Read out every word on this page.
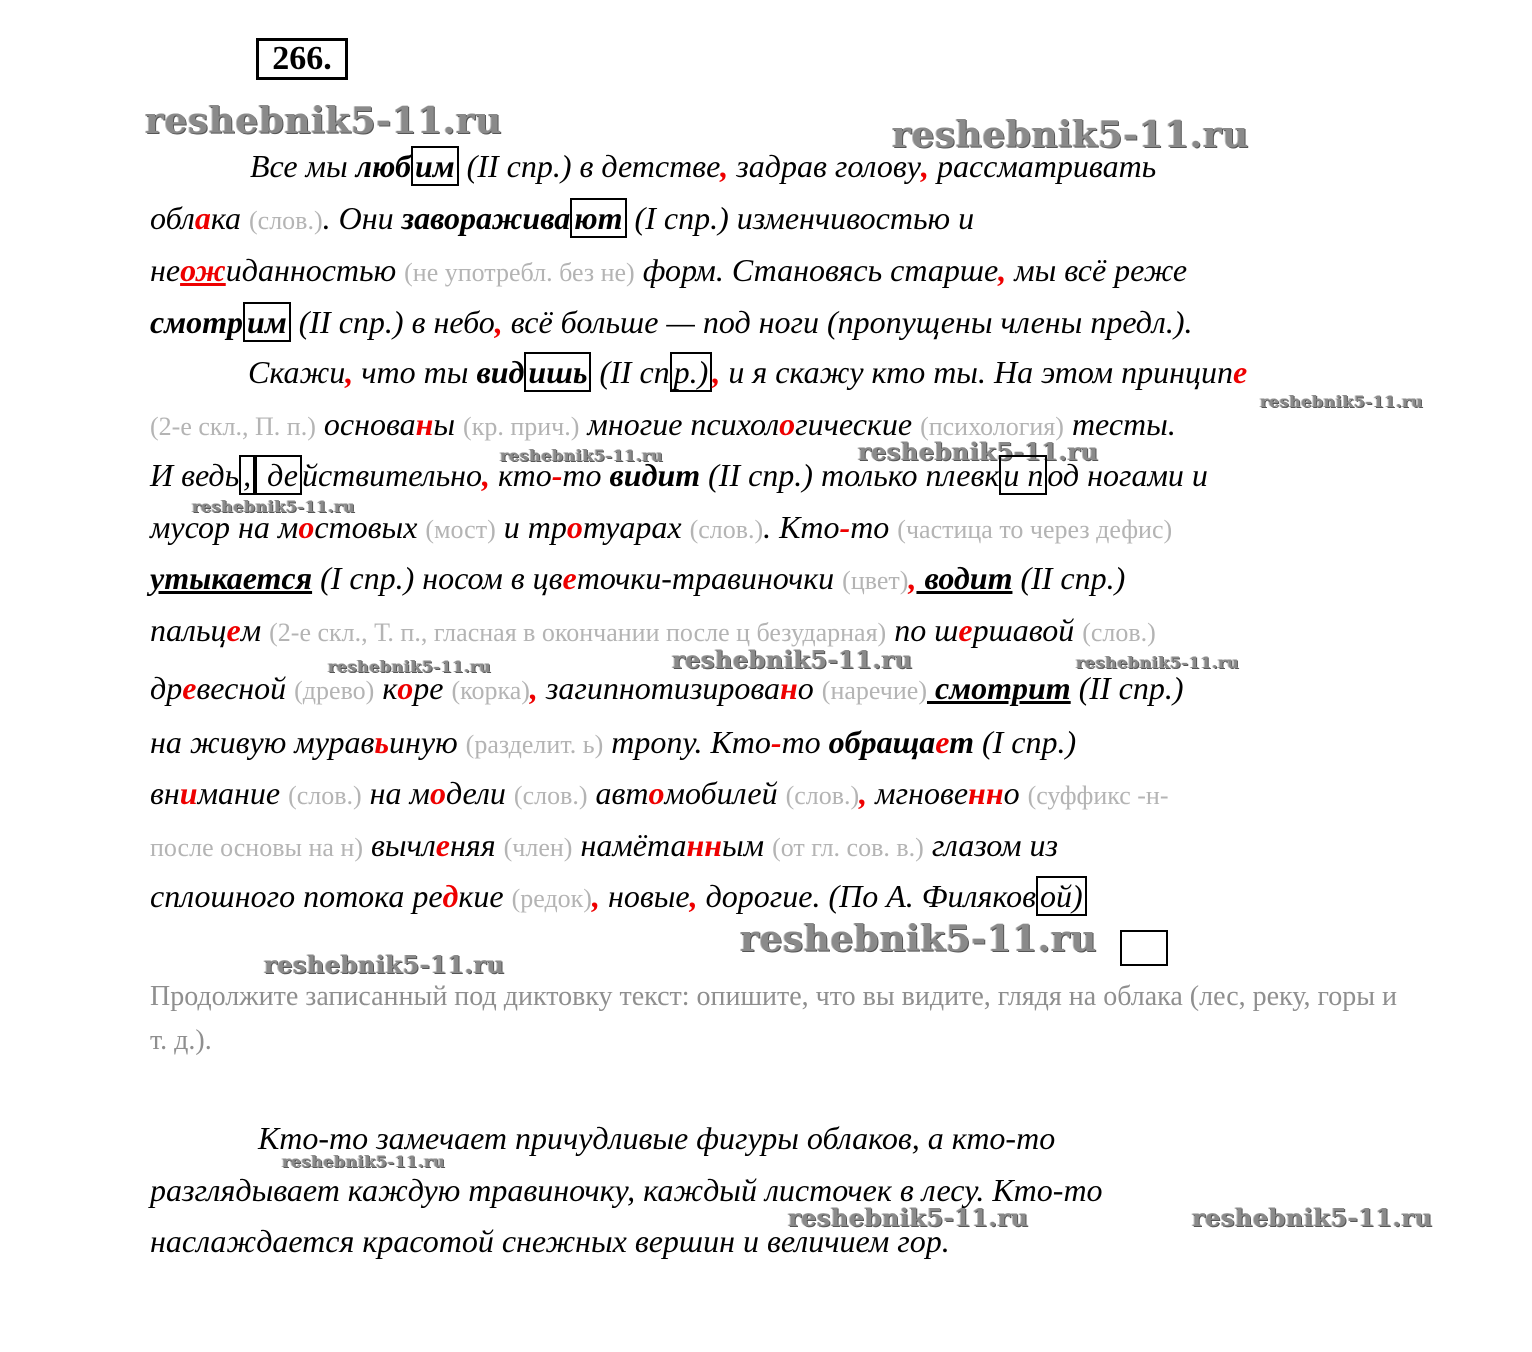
266.
reshebnik5-11.ru	reshebnik5-11.ru
reshebnik5-11.ru
reshebnik5-11.ru
reshebnik5-11.ru
reshebnik5-11.ru
reshebnik5-11.ru
reshebnik5-11.ru	reshebnik5-11.ru
reshebnik5-11.ru
reshebnik5-11.ru
reshebnik5-11.ru
reshebnik5-11.ru	reshebnik5-11.ru
Все мы люб им (II спр.) в детстве, задрав голову, рассматривать
облака (слов.). Они заворажива ют (I спр.) изменчивостью и
неожиданностью (не употребл. без не) форм. Становясь старше, мы всё реже
смотр им (II спр.) в небо, всё больше — под ноги (пропущены члены предл.).
Скажи, что ты вид ишь (II сп р.) , и я скажу кто ты. На этом принципе
(2-е скл., П. п.) основаны (кр. прич.) многие психологические (психология) тесты.
И ведь , де йствительно, кто-то видит (II спр.) только плевк и п од ногами и
мусор на мостовых (мост) и тротуарах (слов.). Кто-то (частица то через дефис)
утыкается (I спр.) носом в цветочки-травиночки (цвет), водит (II спр.)
пальцем (2-е скл., Т. п., гласная в окончании после ц безударная) по шершавой (слов.)
древесной (древо) коре (корка), загипнотизировано (наречие) смотрит (II спр.)
на живую муравьиную (разделит. ь) тропу. Кто-то обращает (I спр.)
внимание (слов.) на модели (слов.) автомобилей (слов.), мгновенно (суффикс -н-
после основы на н) вычленяя (член) намётанным (от гл. сов. в.) глазом из
сплошного потока редкие (редок), новые, дорогие. (По А. Филяков ой)
Продолжите записанный под диктовку текст: опишите, что вы видите, глядя на облака (лес, реку, горы и т. д.).
Кто-то замечает причудливые фигуры облаков, а кто-то
разглядывает каждую травиночку, каждый листочек в лесу. Кто-то
наслаждается красотой снежных вершин и величием гор.
